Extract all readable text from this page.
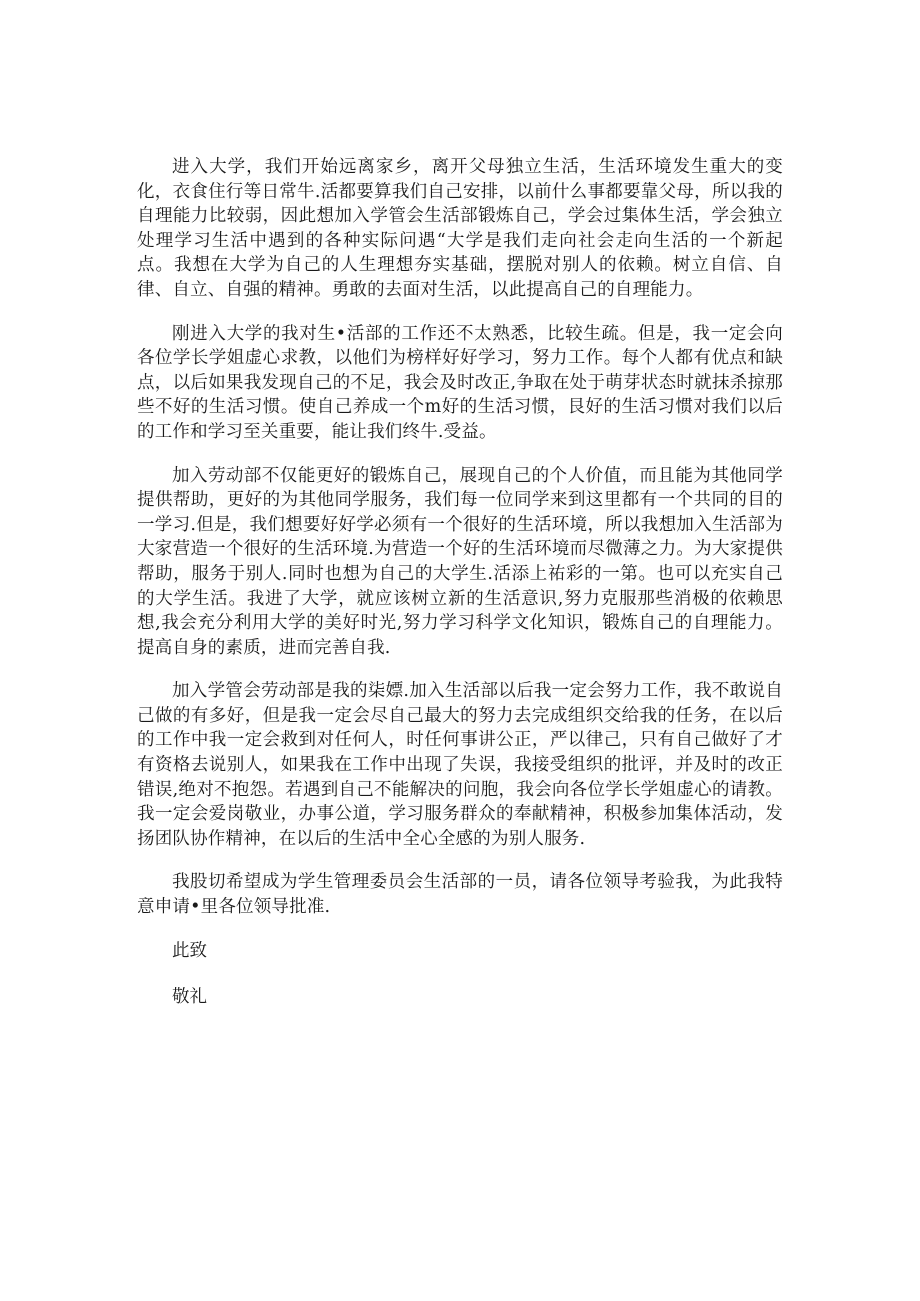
进入大学，我们开始远离家乡，离开父母独立生活，生活环境发生重大的变化，衣食住行等日常牛.活都要算我们自己安排，以前什么事都要靠父母，所以我的自理能力比较弱，因此想加入学管会生活部锻炼自己，学会过集体生活，学会独立处理学习生活中遇到的各种实际问遇“大学是我们走向社会走向生活的一个新起点。我想在大学为自己的人生理想夯实基础，摆脱对别人的依赖。树立自信、自律、自立、自强的精神。勇敢的去面对生活，以此提高自己的自理能力。

刚进入大学的我对生•活部的工作还不太熟悉，比较生疏。但是，我一定会向各位学长学姐虚心求教，以他们为榜样好好学习，努力工作。每个人都有优点和缺点，以后如果我发现自己的不足，我会及时改正,争取在处于萌芽状态时就抹杀掠那些不好的生活习惯。使自己养成一个m好的生活习惯，艮好的生活习惯对我们以后的工作和学习至关重要，能让我们终牛.受益。

加入劳动部不仅能更好的锻炼自己，展现自己的个人价值，而且能为其他同学提供帮助，更好的为其他同学服务，我们每一位同学来到这里都有一个共同的目的一学习.但是，我们想要好好学必须有一个很好的生活环境，所以我想加入生活部为大家营造一个很好的生活环境.为营造一个好的生活环境而尽微薄之力。为大家提供帮助，服务于别人.同时也想为自己的大学生.活添上祐彩的一第。也可以充实自己的大学生活。我进了大学，就应该树立新的生活意识,努力克服那些消极的依赖思想,我会充分利用大学的美好时光,努力学习科学文化知识，锻炼自己的自理能力。提高自身的素质，进而完善自我.

加入学管会劳动部是我的柒嫖.加入生活部以后我一定会努力工作，我不敢说自己做的有多好，但是我一定会尽自己最大的努力去完成组织交给我的任务，在以后的工作中我一定会救到对任何人，时任何事讲公正，严以律己，只有自己做好了才有资格去说别人，如果我在工作中出现了失误，我接受组织的批评，并及时的改正错误,绝对不抱怨。若遇到自己不能解决的问胞，我会向各位学长学姐虚心的请教。我一定会爱岗敬业，办事公道，学习服务群众的奉献精神，积极参加集体活动，发扬团队协作精神，在以后的生活中全心全感的为别人服务.

我股切希望成为学生管理委员会生活部的一员，请各位领导考验我，为此我特意申请•里各位领导批准.

此致

敬礼
